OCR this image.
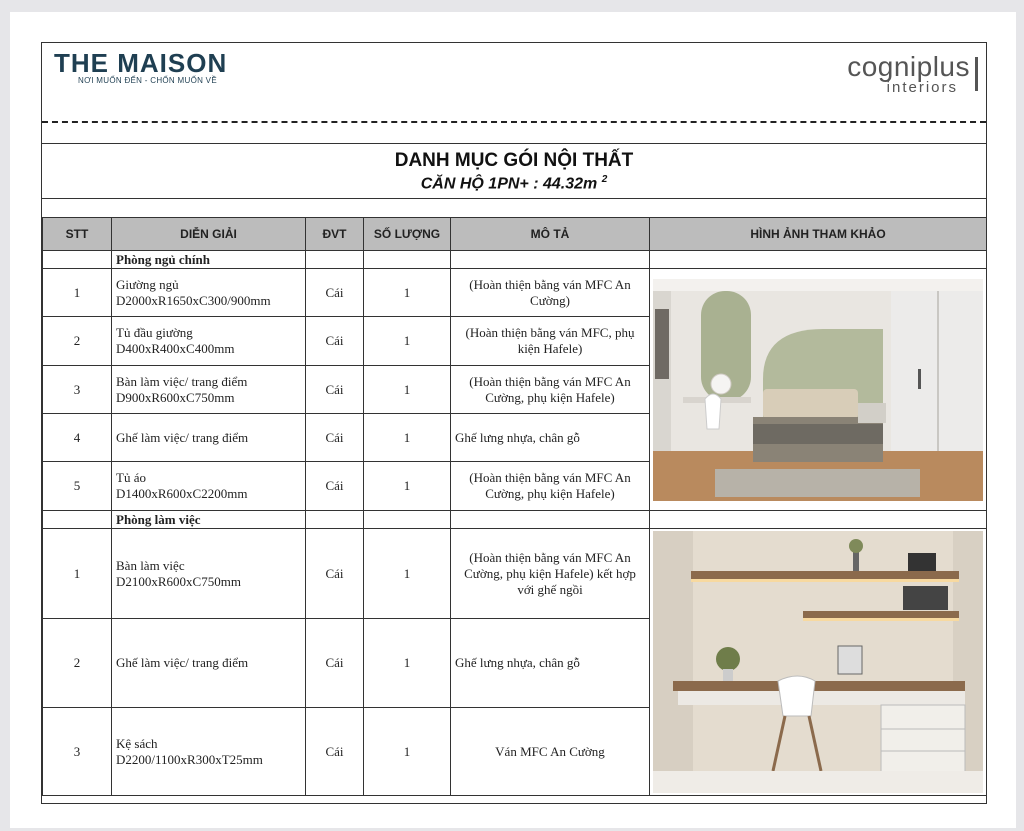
THE MAISON
NƠI MUỐN ĐẾN - CHỐN MUỐN VỀ	cogniplus
interiors
DANH MỤC GÓI NỘI THẤT
CĂN HỘ 1PN+ : 44.32m $^2$
STT	DIỄN GIẢI	ĐVT	SỐ LƯỢNG	MÔ TẢ	HÌNH ẢNH THAM KHẢO
	Phòng ngủ chính				
1	Giường ngủ
D2000xR1650xC300/900mm	Cái	1	(Hoàn thiện bằng ván MFC An Cường)	

2	Tủ đầu giường
D400xR400xC400mm	Cái	1	(Hoàn thiện bằng ván MFC, phụ kiện Hafele)	
3	Bàn làm việc/ trang điểm
D900xR600xC750mm	Cái	1	(Hoàn thiện bằng ván MFC An Cường, phụ kiện Hafele)	
4	Ghế làm việc/ trang điểm	Cái	1	Ghế lưng nhựa, chân gỗ	
5	Tủ áo
D1400xR600xC2200mm	Cái	1	(Hoàn thiện bằng ván MFC An Cường, phụ kiện Hafele)	
	Phòng làm việc				
1	Bàn làm việc
D2100xR600xC750mm	Cái	1	(Hoàn thiện bằng ván MFC An Cường, phụ kiện Hafele) kết hợp với ghế ngồi	

2	Ghế làm việc/ trang điểm	Cái	1	Ghế lưng nhựa, chân gỗ	
3	Kệ sách
D2200/1100xR300xT25mm	Cái	1	Ván MFC An Cường	
